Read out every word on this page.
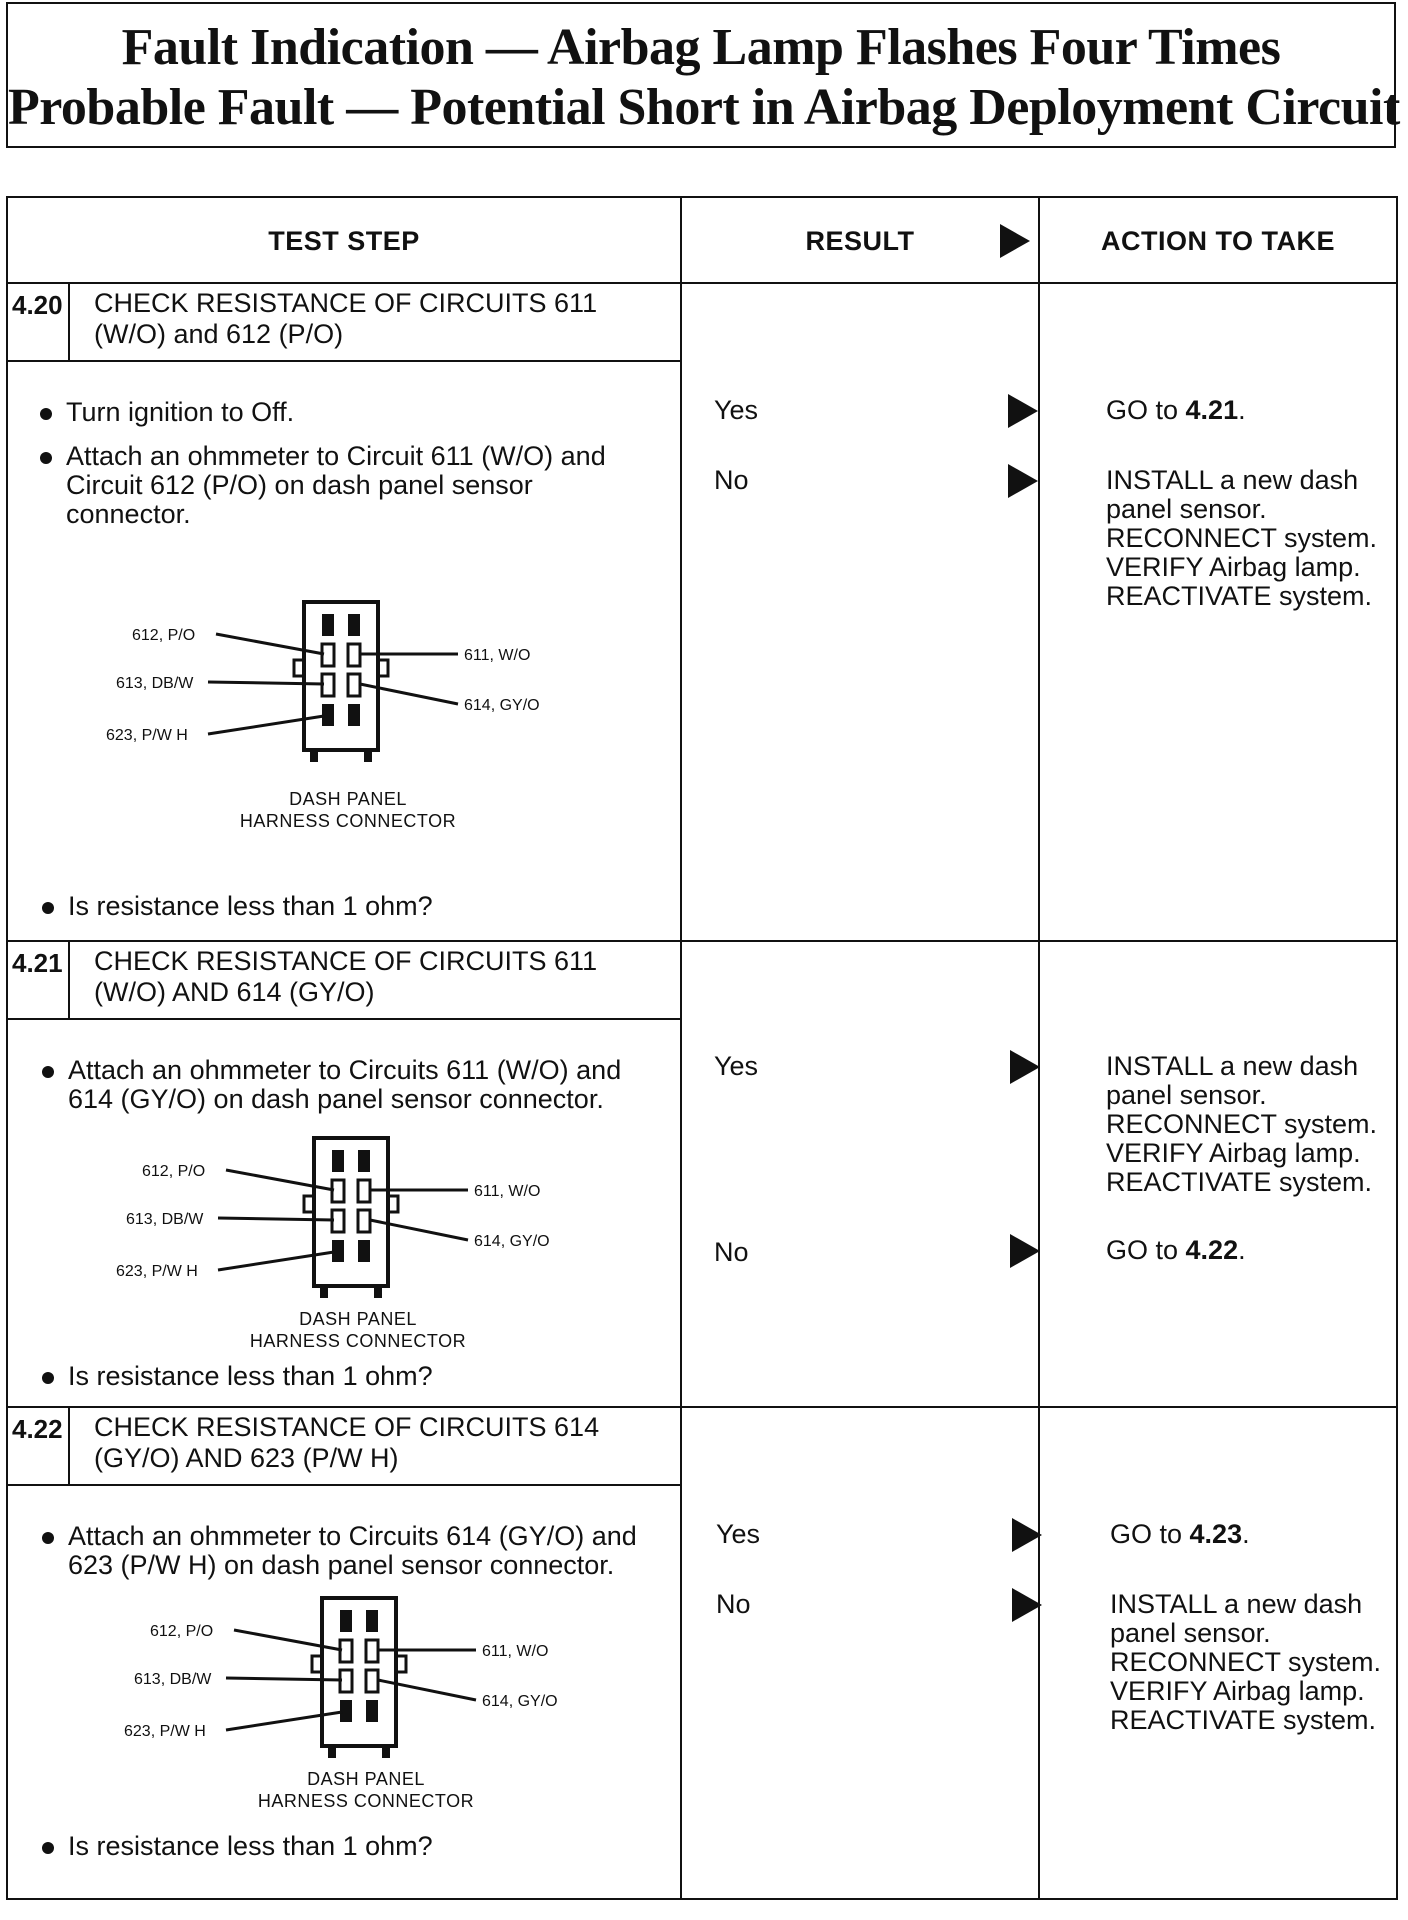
Fault Indication — Airbag Lamp Flashes Four Times
Probable Fault — Potential Short in Airbag Deployment Circuit
TEST STEP	RESULT	ACTION TO TAKE
4.20 CHECK RESISTANCE OF CIRCUITS 611
(W/O) and 612 (P/O)
Turn ignition to Off.
Attach an ohmmeter to Circuit 611 (W/O) and
Circuit 612 (P/O) on dash panel sensor
connector.
612, P/O
613, DB/W
623, P/W H
611, W/O
614, GY/O
DASH PANEL
HARNESS CONNECTOR
Is resistance less than 1 ohm?
Yes
No
GO to 4.21.
INSTALL a new dash
panel sensor.
RECONNECT system.
VERIFY Airbag lamp.
REACTIVATE system.
4.21 CHECK RESISTANCE OF CIRCUITS 611
(W/O) AND 614 (GY/O)
Attach an ohmmeter to Circuits 611 (W/O) and
614 (GY/O) on dash panel sensor connector.
612, P/O
613, DB/W
623, P/W H
611, W/O
614, GY/O
DASH PANEL
HARNESS CONNECTOR
Is resistance less than 1 ohm?
Yes
No
INSTALL a new dash
panel sensor.
RECONNECT system.
VERIFY Airbag lamp.
REACTIVATE system.
GO to 4.22.
4.22 CHECK RESISTANCE OF CIRCUITS 614
(GY/O) AND 623 (P/W H)
Attach an ohmmeter to Circuits 614 (GY/O) and
623 (P/W H) on dash panel sensor connector.
612, P/O
613, DB/W
623, P/W H
611, W/O
614, GY/O
DASH PANEL
HARNESS CONNECTOR
Is resistance less than 1 ohm?
Yes
No
GO to 4.23.
INSTALL a new dash
panel sensor.
RECONNECT system.
VERIFY Airbag lamp.
REACTIVATE system.
